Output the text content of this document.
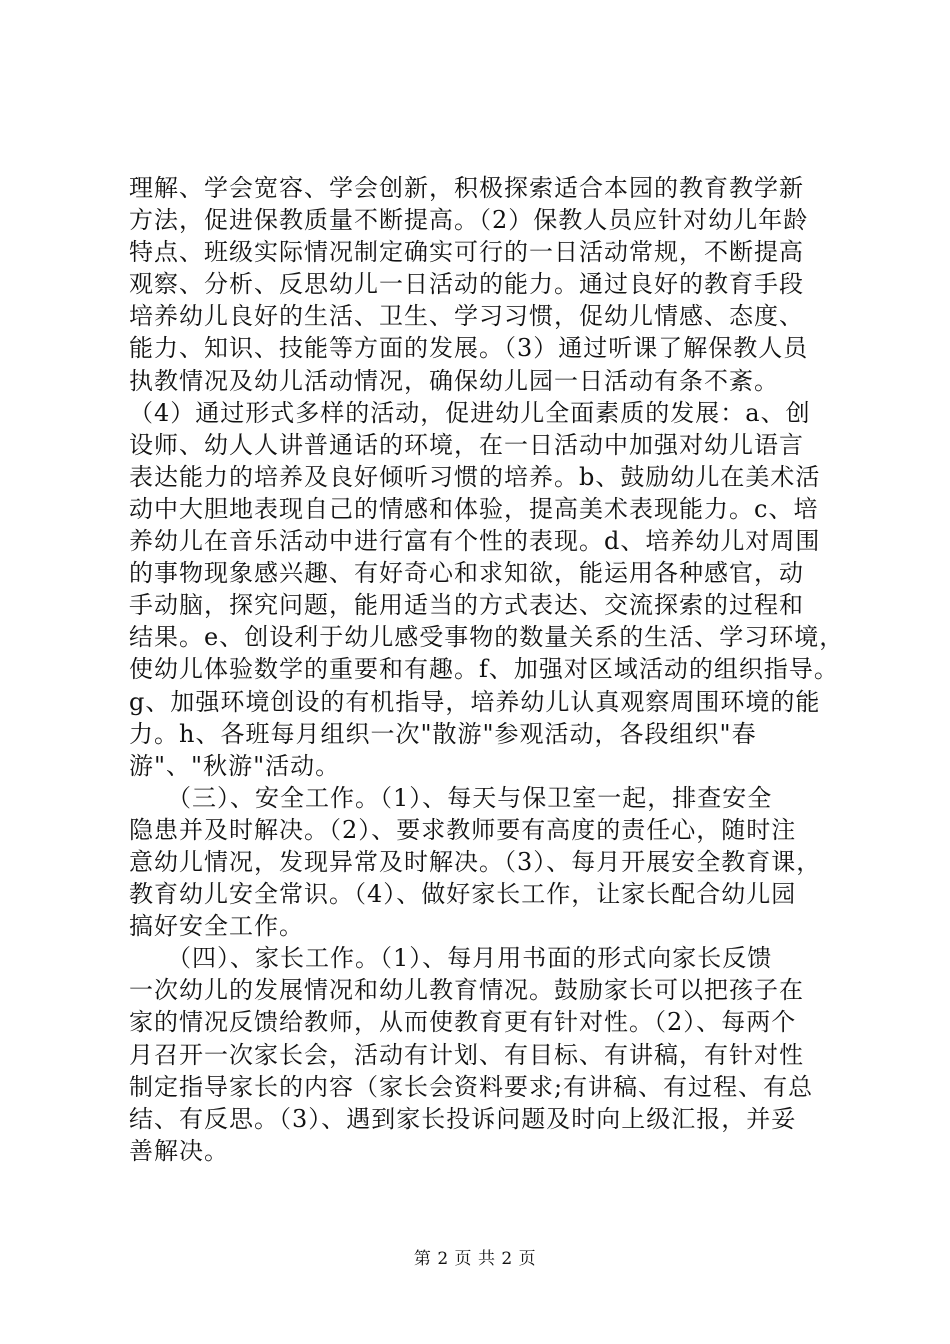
理解、学会宽容、学会创新，积极探索适合本园的教育教学新
方法，促进保教质量不断提高。（2）保教人员应针对幼儿年龄
特点、班级实际情况制定确实可行的一日活动常规，不断提高
观察、分析、反思幼儿一日活动的能力。通过良好的教育手段
培养幼儿良好的生活、卫生、学习习惯，促幼儿情感、态度、
能力、知识、技能等方面的发展。（3）通过听课了解保教人员
执教情况及幼儿活动情况，确保幼儿园一日活动有条不紊。
（4）通过形式多样的活动，促进幼儿全面素质的发展：a、创
设师、幼人人讲普通话的环境，在一日活动中加强对幼儿语言
表达能力的培养及良好倾听习惯的培养。b、鼓励幼儿在美术活
动中大胆地表现自己的情感和体验，提高美术表现能力。c、培
养幼儿在音乐活动中进行富有个性的表现。d、培养幼儿对周围
的事物现象感兴趣、有好奇心和求知欲，能运用各种感官，动
手动脑，探究问题，能用适当的方式表达、交流探索的过程和
结果。e、创设利于幼儿感受事物的数量关系的生活、学习环境，
使幼儿体验数学的重要和有趣。f、加强对区域活动的组织指导。
g、加强环境创设的有机指导，培养幼儿认真观察周围环境的能
力。h、各班每月组织一次"散游"参观活动，各段组织"春
游"、"秋游"活动。
　　（三）、安全工作。（1）、每天与保卫室一起，排查安全
隐患并及时解决。（2）、要求教师要有高度的责任心，随时注
意幼儿情况，发现异常及时解决。（3）、每月开展安全教育课，
教育幼儿安全常识。（4）、做好家长工作，让家长配合幼儿园
搞好安全工作。
　　（四）、家长工作。（1）、每月用书面的形式向家长反馈
一次幼儿的发展情况和幼儿教育情况。鼓励家长可以把孩子在
家的情况反馈给教师，从而使教育更有针对性。（2）、每两个
月召开一次家长会，活动有计划、有目标、有讲稿，有针对性
制定指导家长的内容（家长会资料要求;有讲稿、有过程、有总
结、有反思。（3）、遇到家长投诉问题及时向上级汇报，并妥
善解决。
第 2 页 共 2 页
